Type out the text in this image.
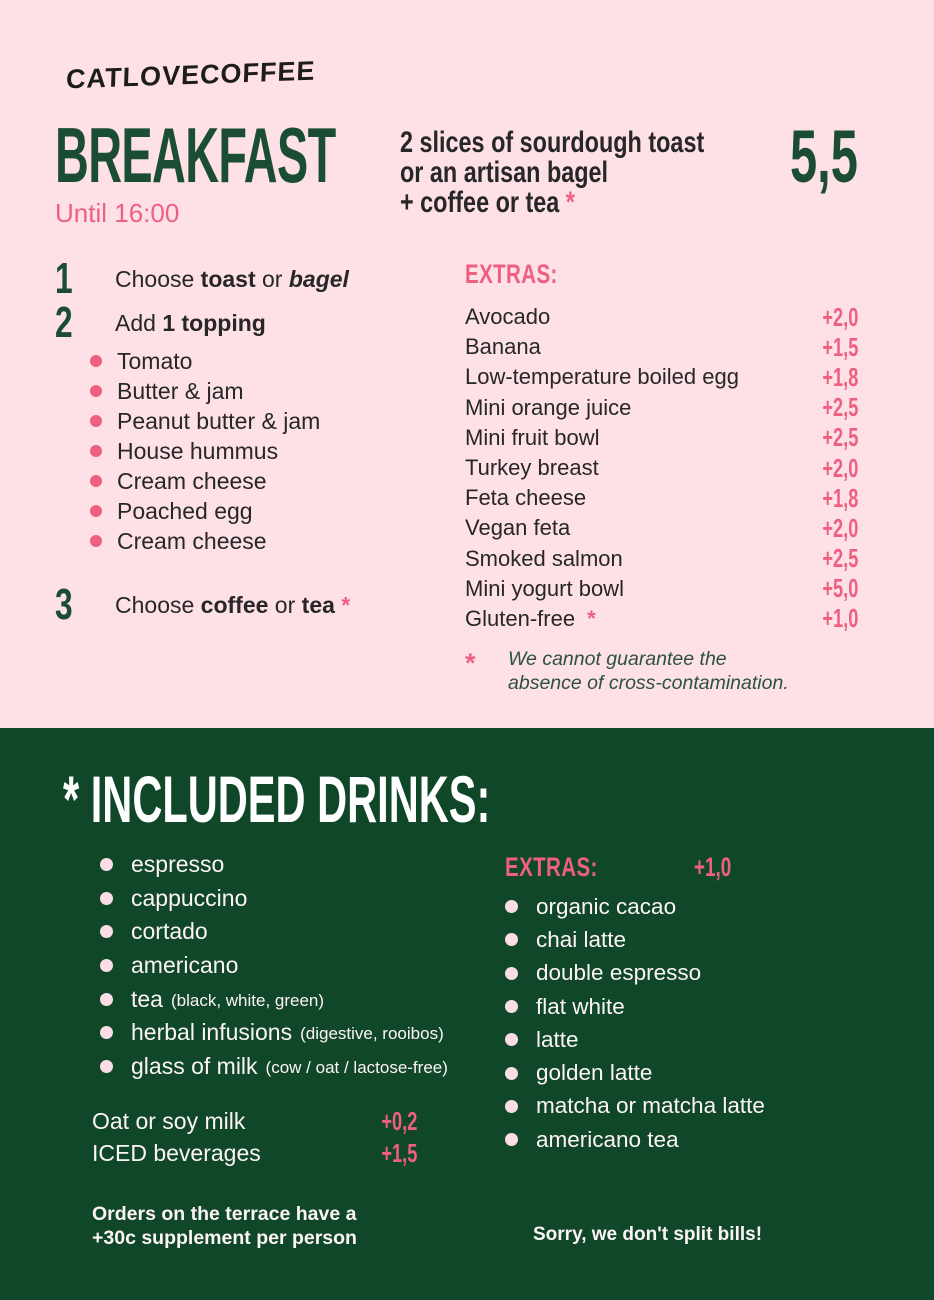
CATLOVECOFFEE
BREAKFAST
Until 16:00
2 slices of sourdough toast
or an artisan bagel
+ coffee or tea *
5,5
1	Choose toast or bagel
2	Add 1 topping
Tomato
Butter & jam
Peanut butter & jam
House hummus
Cream cheese
Poached egg
Cream cheese
3	Choose coffee or tea *
EXTRAS:
Avocado	+2,0
Banana	+1,5
Low-temperature boiled egg	+1,8
Mini orange juice	+2,5
Mini fruit bowl	+2,5
Turkey breast	+2,0
Feta cheese	+1,8
Vegan feta	+2,0
Smoked salmon	+2,5
Mini yogurt bowl	+5,0
Gluten-free *	+1,0
*	We cannot guarantee the
absence of cross-contamination.
* INCLUDED DRINKS:
espresso
cappuccino
cortado
americano
tea (black, white, green)
herbal infusions (digestive, rooibos)
glass of milk (cow / oat / lactose-free)
Oat or soy milk	+0,2
ICED beverages	+1,5
Orders on the terrace have a
+30c supplement per person
EXTRAS:	+1,0
organic cacao
chai latte
double espresso
flat white
latte
golden latte
matcha or matcha latte
americano tea
Sorry, we don't split bills!
